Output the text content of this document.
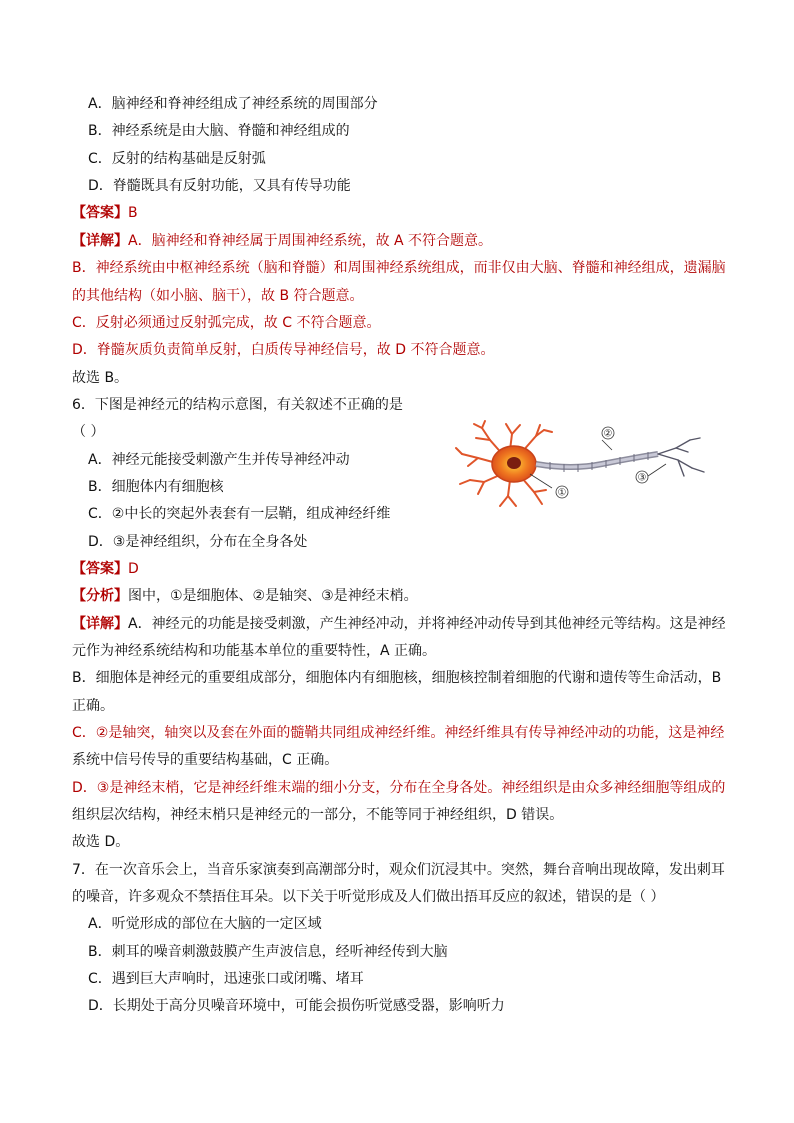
A．脑神经和脊神经组成了神经系统的周围部分
B．神经系统是由大脑、脊髓和神经组成的
C．反射的结构基础是反射弧
D．脊髓既具有反射功能，又具有传导功能
【答案】B
【详解】A．脑神经和脊神经属于周围神经系统，故 A 不符合题意。
B．神经系统由中枢神经系统（脑和脊髓）和周围神经系统组成，而非仅由大脑、脊髓和神经组成，遗漏脑
的其他结构（如小脑、脑干），故 B 符合题意。
C．反射必须通过反射弧完成，故 C 不符合题意。
D．脊髓灰质负责简单反射，白质传导神经信号，故 D 不符合题意。
故选 B。
6．下图是神经元的结构示意图，有关叙述不正确的是
（ ）
A．神经元能接受刺激产生并传导神经冲动
B．细胞体内有细胞核
C．②中长的突起外表套有一层鞘，组成神经纤维
D．③是神经组织，分布在全身各处
①
②
③
【答案】D
【分析】图中，①是细胞体、②是轴突、③是神经末梢。
【详解】A．神经元的功能是接受刺激，产生神经冲动，并将神经冲动传导到其他神经元等结构。这是神经
元作为神经系统结构和功能基本单位的重要特性，A 正确。
B．细胞体是神经元的重要组成部分，细胞体内有细胞核，细胞核控制着细胞的代谢和遗传等生命活动，B
正确。
C．②是轴突，轴突以及套在外面的髓鞘共同组成神经纤维。神经纤维具有传导神经冲动的功能，这是神经
系统中信号传导的重要结构基础，C 正确。
D．③是神经末梢，它是神经纤维末端的细小分支，分布在全身各处。神经组织是由众多神经细胞等组成的
组织层次结构，神经末梢只是神经元的一部分，不能等同于神经组织，D 错误。
故选 D。
7．在一次音乐会上，当音乐家演奏到高潮部分时，观众们沉浸其中。突然，舞台音响出现故障，发出刺耳
的噪音，许多观众不禁捂住耳朵。以下关于听觉形成及人们做出捂耳反应的叙述，错误的是（ ）
A．听觉形成的部位在大脑的一定区域
B．刺耳的噪音刺激鼓膜产生声波信息，经听神经传到大脑
C．遇到巨大声响时，迅速张口或闭嘴、堵耳
D．长期处于高分贝噪音环境中，可能会损伤听觉感受器，影响听力
